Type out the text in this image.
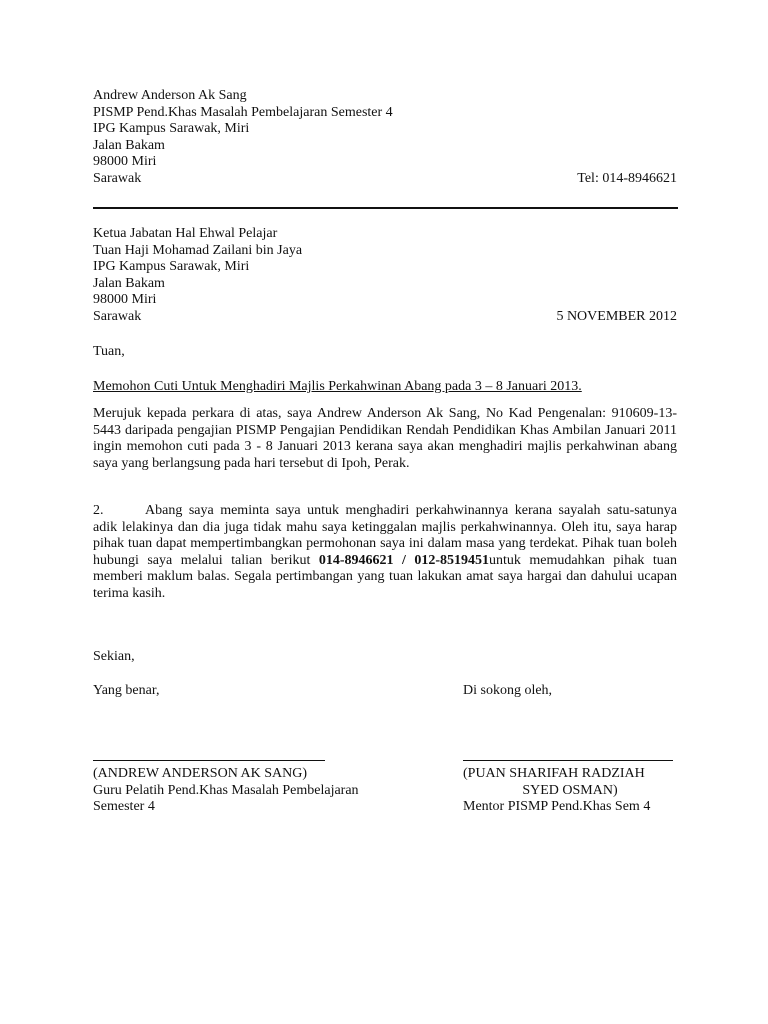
Andrew Anderson Ak Sang
PISMP Pend.Khas Masalah Pembelajaran Semester 4
IPG Kampus Sarawak, Miri
Jalan Bakam
98000 Miri
Sarawak	Tel: 014-8946621
Ketua Jabatan Hal Ehwal Pelajar
Tuan Haji Mohamad Zailani bin Jaya
IPG Kampus Sarawak, Miri
Jalan Bakam
98000 Miri
Sarawak	5 NOVEMBER 2012
Tuan,
Memohon Cuti Untuk Menghadiri Majlis Perkahwinan Abang pada 3 – 8 Januari 2013.
Merujuk kepada perkara di atas, saya Andrew Anderson Ak Sang, No Kad Pengenalan: 910609-13-5443 daripada pengajian PISMP Pengajian Pendidikan Rendah Pendidikan Khas Ambilan Januari 2011 ingin memohon cuti pada 3 - 8 Januari 2013 kerana saya akan menghadiri majlis perkahwinan abang saya yang berlangsung pada hari tersebut di Ipoh, Perak.
2.	Abang saya meminta saya untuk menghadiri perkahwinannya kerana sayalah satu-satunya adik lelakinya dan dia juga tidak mahu saya ketinggalan majlis perkahwinannya. Oleh itu, saya harap pihak tuan dapat mempertimbangkan permohonan saya ini dalam masa yang terdekat. Pihak tuan boleh hubungi saya melalui talian berikut 014-8946621 / 012-8519451untuk memudahkan pihak tuan memberi maklum balas. Segala pertimbangan yang tuan lakukan amat saya hargai dan dahului ucapan terima kasih.
Sekian,
Yang benar,
(ANDREW ANDERSON AK SANG)
Guru Pelatih Pend.Khas Masalah Pembelajaran
Semester 4
Di sokong oleh,
(PUAN SHARIFAH RADZIAH
SYED OSMAN)
Mentor PISMP Pend.Khas Sem 4
